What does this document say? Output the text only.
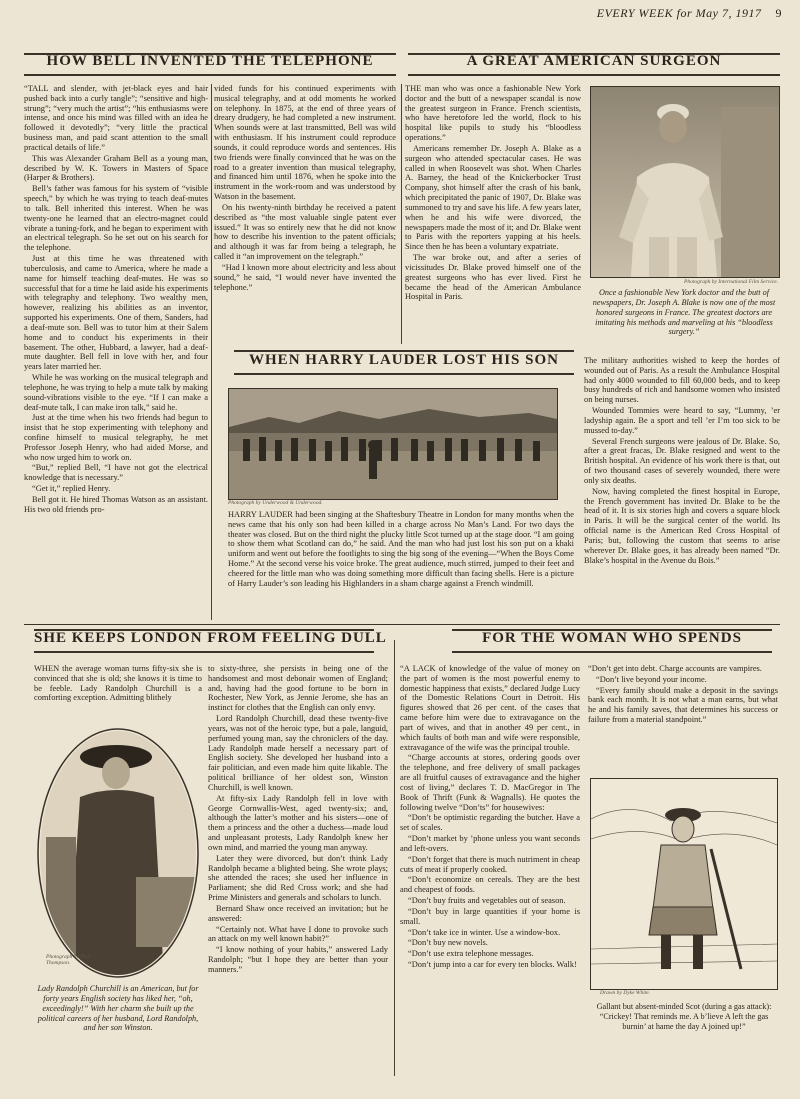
EVERY WEEK for May 7, 1917 9
HOW BELL INVENTED THE TELEPHONE

“TALL and slender, with jet-black eyes and hair pushed back into a curly tangle”; “sensitive and high-strung”; “very much the artist”; “his enthusiasms were intense, and once his mind was filled with an idea he followed it devotedly”; “very little the practical business man, and paid scant attention to the small practical details of life.”

This was Alexander Graham Bell as a young man, described by W. K. Towers in Masters of Space (Harper & Brothers).

Bell’s father was famous for his system of “visible speech,” by which he was trying to teach deaf-mutes to talk. Bell inherited this interest. When he was twenty-one he learned that an electro-magnet could vibrate a tuning-fork, and he began to experiment with an electrical telegraph. So he set out on his search for the telephone.

Just at this time he was threatened with tuberculosis, and came to America, where he made a name for himself teaching deaf-mutes. He was so successful that for a time he laid aside his experiments with telegraphy and telephony. Two wealthy men, however, realizing his abilities as an inventor, supported his experiments. One of them, Sanders, had a deaf-mute son. Bell was to tutor him at their Salem home and to conduct his experiments in their basement. The other, Hubbard, a lawyer, had a deaf-mute daughter. Bell fell in love with her, and four years later married her.

While he was working on the musical telegraph and telephone, he was trying to help a mute talk by making sound-vibrations visible to the eye. “If I can make a deaf-mute talk, I can make iron talk,” said he.

Just at the time when his two friends had begun to insist that he stop experimenting with telephony and confine himself to musical telegraphy, he met Professor Joseph Henry, who had aided Morse, and who now urged him to work on.

“But,” replied Bell, “I have not got the electrical knowledge that is necessary.”

“Get it,” replied Henry.

Bell got it. He hired Thomas Watson as an assistant. His two old friends pro-

vided funds for his continued experiments with musical telegraphy, and at odd moments he worked on telephony. In 1875, at the end of three years of dreary drudgery, he had completed a new instrument. When sounds were at last transmitted, Bell was wild with enthusiasm. If his instrument could reproduce sounds, it could reproduce words and sentences. His two friends were finally convinced that he was on the road to a greater invention than musical telegraphy, and financed him until 1876, when he spoke into the instrument in the work-room and was understood by Watson in the basement.

On his twenty-ninth birthday he received a patent described as “the most valuable single patent ever issued.” It was so entirely new that he did not know how to describe his invention to the patent officials; and although it was far from being a telegraph, he called it “an improvement on the telegraph.”

“Had I known more about electricity and less about sound,” he said, “I would never have invented the telephone.”

A GREAT AMERICAN SURGEON

THE man who was once a fashionable New York doctor and the butt of a newspaper scandal is now the greatest surgeon in France. French scientists, who have heretofore led the world, flock to his hospital like pupils to study his “bloodless operations.”

Americans remember Dr. Joseph A. Blake as a surgeon who attended spectacular cases. He was called in when Roosevelt was shot. When Charles A. Barney, the head of the Knickerbocker Trust Company, shot himself after the crash of his bank, which precipitated the panic of 1907, Dr. Blake was summoned to try and save his life. A few years later, when he and his wife were divorced, the newspapers made the most of it; and Dr. Blake went to Paris with the reporters yapping at his heels. Since then he has been a voluntary expatriate.

The war broke out, and after a series of vicissitudes Dr. Blake proved himself one of the greatest surgeons who has ever lived. First he became the head of the American Ambulance Hospital in Paris.

Photograph by International Film Service.
Once a fashionable New York doctor and the butt of newspapers, Dr. Joseph A. Blake is now one of the most honored surgeons in France. The greatest doctors are imitating his methods and marveling at his “bloodless surgery.”

The military authorities wished to keep the hordes of wounded out of Paris. As a result the Ambulance Hospital had only 4000 wounded to fill 60,000 beds, and to keep busy hundreds of rich and handsome women who insisted on being nurses.

Wounded Tommies were heard to say, “Lummy, ’er ladyship again. Be a sport and tell ’er I’m too sick to be mussed to-day.”

Several French surgeons were jealous of Dr. Blake. So, after a great fracas, Dr. Blake resigned and went to the British hospital. An evidence of his work there is that, out of two thousand cases of severely wounded, there were only six deaths.

Now, having completed the finest hospital in Europe, the French government has invited Dr. Blake to be the head of it. It is six stories high and covers a square block in Paris. It will be the surgical center of the world. Its official name is the American Red Cross Hospital of Paris; but, following the custom that seems to arise wherever Dr. Blake goes, it has already been named “Dr. Blake’s hospital in the Avenue du Bois.”

WHEN HARRY LAUDER LOST HIS SON
Photograph by Underwood & Underwood.

HARRY LAUDER had been singing at the Shaftesbury Theatre in London for many months when the news came that his only son had been killed in a charge across No Man’s Land. For two days the theater was closed. But on the third night the plucky little Scot turned up at the stage door. “I am going to show them what Scotland can do,” he said. And the man who had just lost his son put on a khaki uniform and went out before the footlights to sing the big song of the evening—“When the Boys Come Home.” At the second verse his voice broke. The great audience, much stirred, jumped to their feet and cheered for the little man who was doing something more difficult than facing shells. Here is a picture of Harry Lauder’s son leading his Highlanders in a sham charge against a French windmill.

SHE KEEPS LONDON FROM FEELING DULL

WHEN the average woman turns fifty-six she is convinced that she is old; she knows it is time to be feeble. Lady Randolph Churchill is a comforting exception. Admitting blithely

Photograph by Paul Thompson.
Lady Randolph Churchill is an American, but for forty years English society has liked her, “oh, exceedingly!” With her charm she built up the political careers of her husband, Lord Randolph, and her son Winston.

to sixty-three, she persists in being one of the handsomest and most debonair women of England; and, having had the good fortune to be born in Rochester, New York, as Jennie Jerome, she has an instinct for clothes that the English can only envy.

Lord Randolph Churchill, dead these twenty-five years, was not of the heroic type, but a pale, languid, perfumed young man, say the chroniclers of the day. Lady Randolph made herself a necessary part of English society. She developed her husband into a fair politician, and even made him quite likable. The political brilliance of her oldest son, Winston Churchill, is well known.

At fifty-six Lady Randolph fell in love with George Cornwallis-West, aged twenty-six; and, although the latter’s mother and his sisters—one of them a princess and the other a duchess—made loud and unpleasant protests, Lady Randolph knew her own mind, and married the young man anyway.

Later they were divorced, but don’t think Lady Randolph became a blighted being. She wrote plays; she attended the races; she used her influence in Parliament; she did Red Cross work; and she had Prime Ministers and generals and scholars to lunch.

Bernard Shaw once received an invitation; but he answered:

“Certainly not. What have I done to provoke such an attack on my well known habit?”

“I know nothing of your habits,” answered Lady Randolph; “but I hope they are better than your manners.”

FOR THE WOMAN WHO SPENDS

“A LACK of knowledge of the value of money on the part of women is the most powerful enemy to domestic happiness that exists,” declared Judge Lucy of the Domestic Relations Court in Detroit. His figures showed that 26 per cent. of the cases that came before him were due to extravagance on the part of wives, and that in another 49 per cent., in which faults of both man and wife were responsible, extravagance of the wife was the principal trouble.

“Charge accounts at stores, ordering goods over the telephone, and free delivery of small packages are all fruitful causes of extravagance and the higher cost of living,” declares T. D. MacGregor in The Book of Thrift (Funk & Wagnalls). He quotes the following twelve “Don’ts” for housewives:

“Don’t be optimistic regarding the butcher. Have a set of scales.

“Don’t market by ’phone unless you want seconds and left-overs.

“Don’t forget that there is much nutriment in cheap cuts of meat if properly cooked.

“Don’t economize on cereals. They are the best and cheapest of foods.

“Don’t buy fruits and vegetables out of season.

“Don’t buy in large quantities if your home is small.

“Don’t take ice in winter. Use a window-box.

“Don’t buy new novels.

“Don’t use extra telephone messages.

“Don’t jump into a car for every ten blocks. Walk!

“Don’t get into debt. Charge accounts are vampires.

“Don’t live beyond your income.

“Every family should make a deposit in the savings bank each month. It is not what a man earns, but what he and his family saves, that determines his success or failure from a material standpoint.”

Drawn by Dyke White.
Gallant but absent-minded Scot (during a gas attack): “Crickey! That reminds me. A b’lieve A left the gas burnin’ at hame the day A joined up!”
